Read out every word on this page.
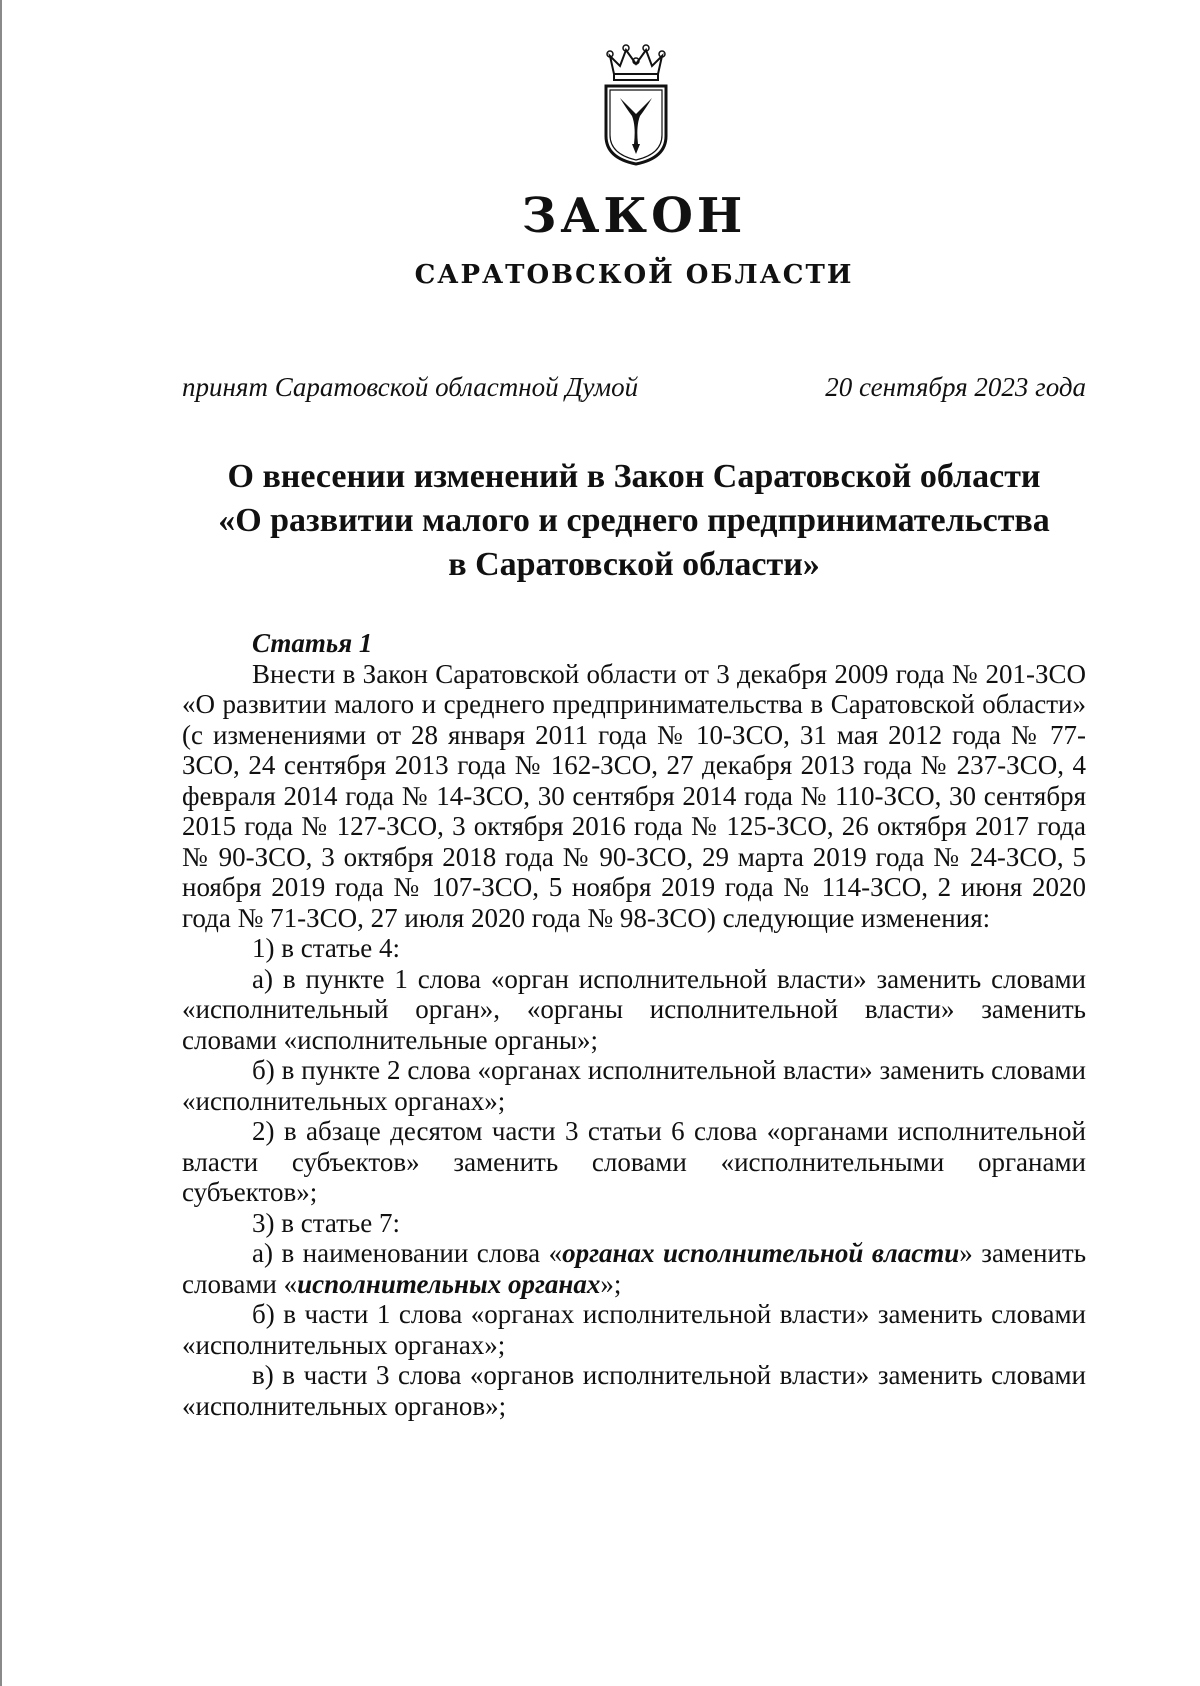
ЗАКОН
САРАТОВСКОЙ ОБЛАСТИ
принят Саратовской областной Думой	20 сентября 2023 года
О внесении изменений в Закон Саратовской области
«О развитии малого и среднего предпринимательства
в Саратовской области»

Статья 1

Внести в Закон Саратовской области от 3 декабря 2009 года № 201-ЗСО «О развитии малого и среднего предпринимательства в Саратовской области» (с изменениями от 28 января 2011 года № 10-ЗСО, 31 мая 2012 года № 77-ЗСО, 24 сентября 2013 года № 162-ЗСО, 27 декабря 2013 года № 237-ЗСО, 4 февраля 2014 года № 14-ЗСО, 30 сентября 2014 года № 110-ЗСО, 30 сентября 2015 года № 127-ЗСО, 3 октября 2016 года № 125-ЗСО, 26 октября 2017 года № 90-ЗСО, 3 октября 2018 года № 90-ЗСО, 29 марта 2019 года № 24-ЗСО, 5 ноября 2019 года № 107-ЗСО, 5 ноября 2019 года № 114-ЗСО, 2 июня 2020 года № 71-ЗСО, 27 июля 2020 года № 98-ЗСО) следующие изменения:

1) в статье 4:

а) в пункте 1 слова «орган исполнительной власти» заменить словами «исполнительный орган», «органы исполнительной власти» заменить словами «исполнительные органы»;

б) в пункте 2 слова «органах исполнительной власти» заменить словами «исполнительных органах»;

2) в абзаце десятом части 3 статьи 6 слова «органами исполнительной власти субъектов» заменить словами «исполнительными органами субъектов»;

3) в статье 7:

а) в наименовании слова «органах исполнительной власти» заменить словами «исполнительных органах»;

б) в части 1 слова «органах исполнительной власти» заменить словами «исполнительных органах»;

в) в части 3 слова «органов исполнительной власти» заменить словами «исполнительных органов»;
